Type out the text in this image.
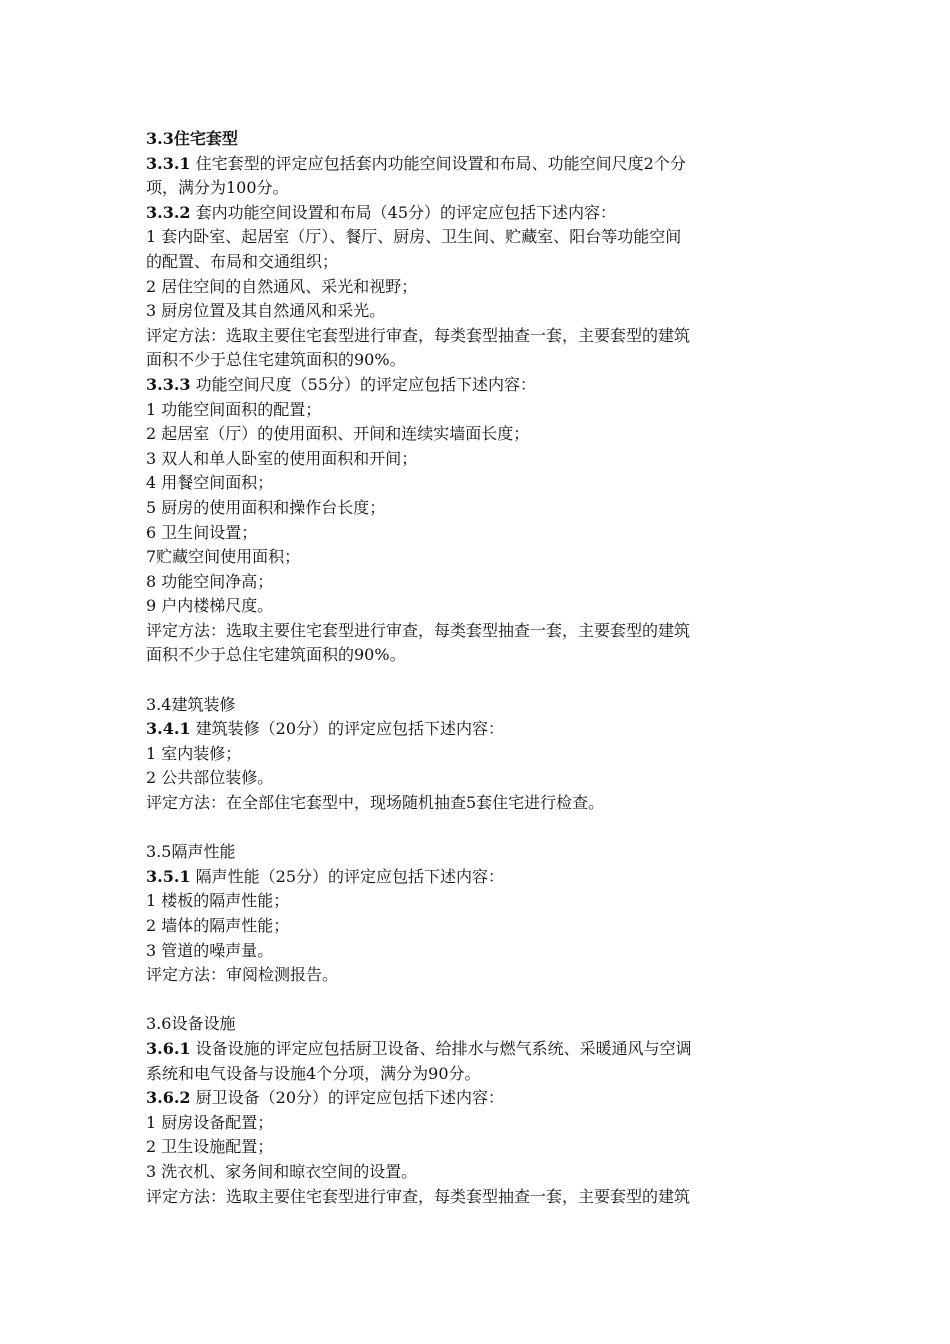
3.3住宅套型
3.3.1 住宅套型的评定应包括套内功能空间设置和布局、功能空间尺度2个分
项，满分为100分。
3.3.2 套内功能空间设置和布局（45分）的评定应包括下述内容：
1 套内卧室、起居室（厅）、餐厅、厨房、卫生间、贮藏室、阳台等功能空间
的配置、布局和交通组织；
2 居住空间的自然通风、采光和视野；
3 厨房位置及其自然通风和采光。
评定方法：选取主要住宅套型进行审查，每类套型抽查一套，主要套型的建筑
面积不少于总住宅建筑面积的90%。
3.3.3 功能空间尺度（55分）的评定应包括下述内容：
1 功能空间面积的配置；
2 起居室（厅）的使用面积、开间和连续实墙面长度；
3 双人和单人卧室的使用面积和开间；
4 用餐空间面积；
5 厨房的使用面积和操作台长度；
6 卫生间设置；
7贮藏空间使用面积；
8 功能空间净高；
9 户内楼梯尺度。
评定方法：选取主要住宅套型进行审查，每类套型抽查一套，主要套型的建筑
面积不少于总住宅建筑面积的90%。
3.4建筑装修
3.4.1 建筑装修（20分）的评定应包括下述内容：
1 室内装修；
2 公共部位装修。
评定方法：在全部住宅套型中，现场随机抽查5套住宅进行检查。
3.5隔声性能
3.5.1 隔声性能（25分）的评定应包括下述内容：
1 楼板的隔声性能；
2 墙体的隔声性能；
3 管道的噪声量。
评定方法：审阅检测报告。
3.6设备设施
3.6.1 设备设施的评定应包括厨卫设备、给排水与燃气系统、采暖通风与空调
系统和电气设备与设施4个分项，满分为90分。
3.6.2 厨卫设备（20分）的评定应包括下述内容：
1 厨房设备配置；
2 卫生设施配置；
3 洗衣机、家务间和晾衣空间的设置。
评定方法：选取主要住宅套型进行审查，每类套型抽查一套，主要套型的建筑
